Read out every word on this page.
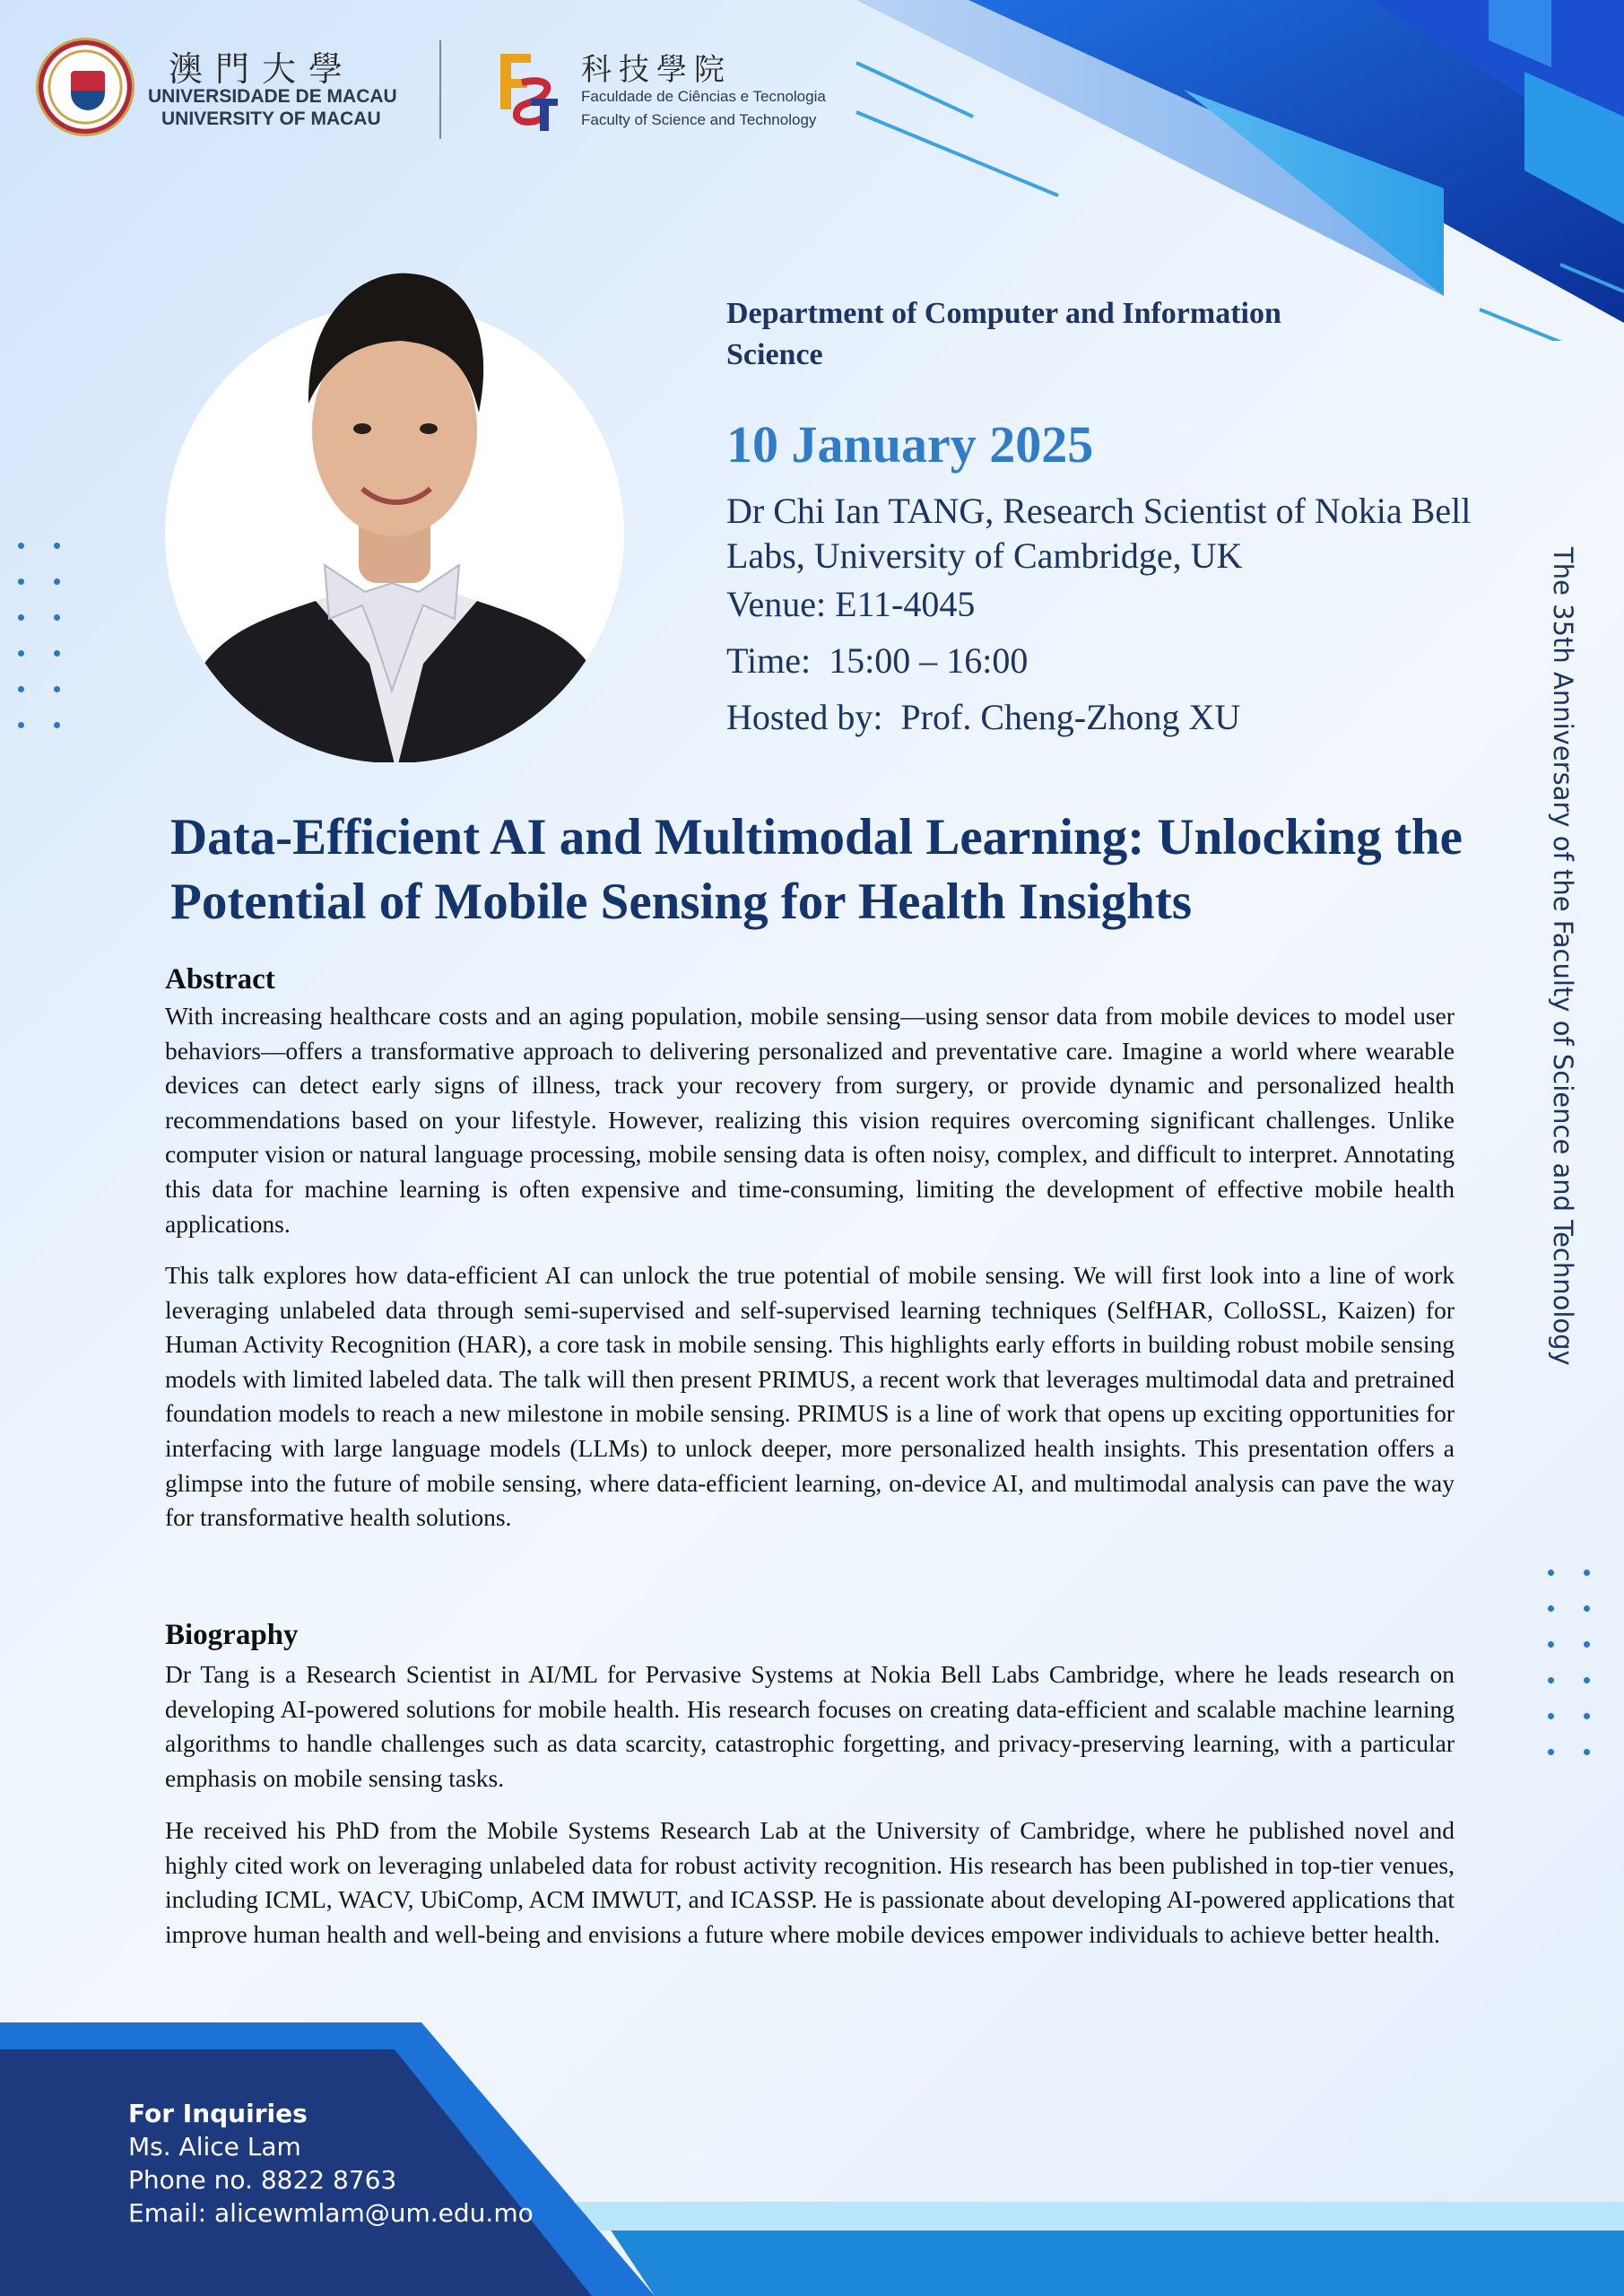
澳門大學
UNIVERSIDADE DE MACAU
UNIVERSITY OF MACAU
科技學院
Faculdade de Ciências e Tecnologia
Faculty of Science and Technology
Department of Computer and Information Science
10 January 2025
Dr Chi Ian TANG, Research Scientist of Nokia Bell Labs, University of Cambridge, UK
Venue: E11-4045
Time:  15:00 – 16:00
Hosted by:  Prof. Cheng-Zhong XU	The 35th Anniversary of the Faculty of Science and Technology
Data-Efficient AI and Multimodal Learning: Unlocking the Potential of Mobile Sensing for Health Insights
Abstract
With increasing healthcare costs and an aging population, mobile sensing—using sensor data from mobile devices to model user behaviors—offers a transformative approach to delivering personalized and preventative care. Imagine a world where wearable devices can detect early signs of illness, track your recovery from surgery, or provide dynamic and personalized health recommendations based on your lifestyle. However, realizing this vision requires overcoming significant challenges. Unlike computer vision or natural language processing, mobile sensing data is often noisy, complex, and difficult to interpret. Annotating this data for machine learning is often expensive and time-consuming, limiting the development of effective mobile health applications.
This talk explores how data-efficient AI can unlock the true potential of mobile sensing. We will first look into a line of work leveraging unlabeled data through semi-supervised and self-supervised learning techniques (SelfHAR, ColloSSL, Kaizen) for Human Activity Recognition (HAR), a core task in mobile sensing. This highlights early efforts in building robust mobile sensing models with limited labeled data. The talk will then present PRIMUS, a recent work that leverages multimodal data and pretrained foundation models to reach a new milestone in mobile sensing. PRIMUS is a line of work that opens up exciting opportunities for interfacing with large language models (LLMs) to unlock deeper, more personalized health insights. This presentation offers a glimpse into the future of mobile sensing, where data-efficient learning, on-device AI, and multimodal analysis can pave the way for transformative health solutions.
Biography
Dr Tang is a Research Scientist in AI/ML for Pervasive Systems at Nokia Bell Labs Cambridge, where he leads research on developing AI-powered solutions for mobile health. His research focuses on creating data-efficient and scalable machine learning algorithms to handle challenges such as data scarcity, catastrophic forgetting, and privacy-preserving learning, with a particular emphasis on mobile sensing tasks.
He received his PhD from the Mobile Systems Research Lab at the University of Cambridge, where he published novel and highly cited work on leveraging unlabeled data for robust activity recognition. His research has been published in top-tier venues, including ICML, WACV, UbiComp, ACM IMWUT, and ICASSP. He is passionate about developing AI-powered applications that improve human health and well-being and envisions a future where mobile devices empower individuals to achieve better health.
For Inquiries
Ms. Alice Lam
Phone no. 8822 8763
Email: alicewmlam@um.edu.mo
